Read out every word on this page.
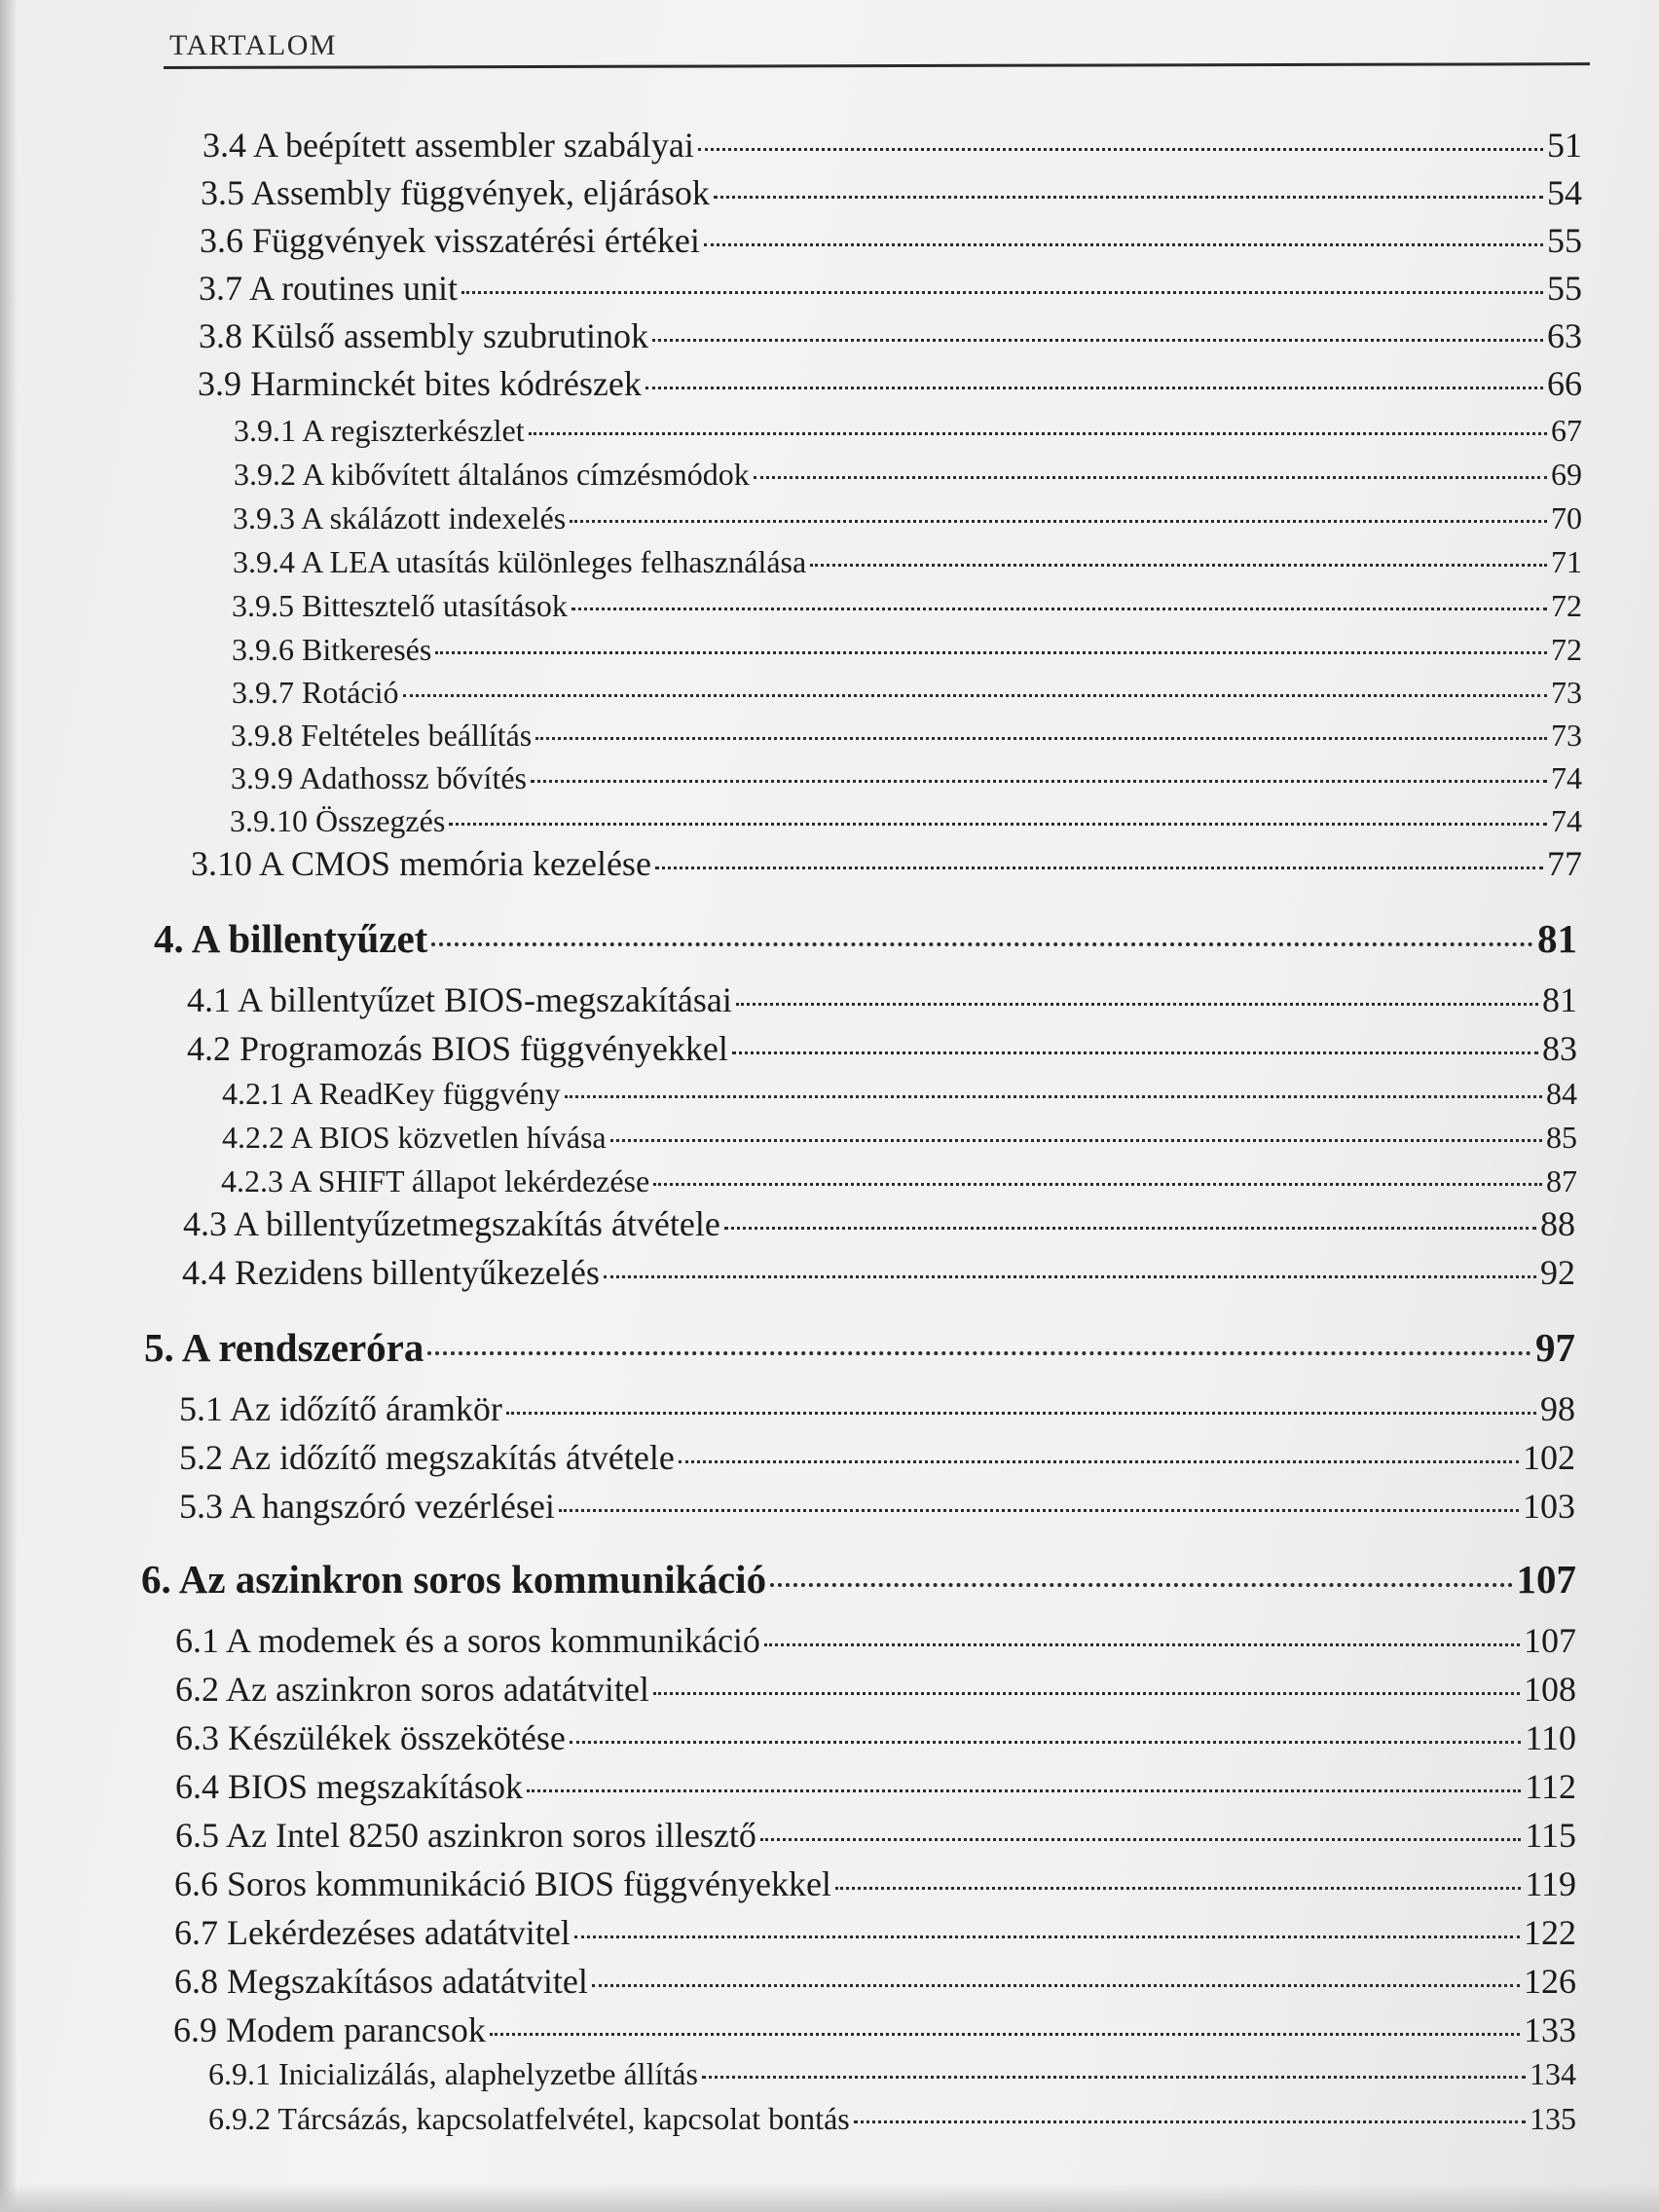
TARTALOM
3.4 A beépített assembler szabályai	51
3.5 Assembly függvények, eljárások	54
3.6 Függvények visszatérési értékei	55
3.7 A routines unit	55
3.8 Külső assembly szubrutinok	63
3.9 Harminckét bites kódrészek	66
3.9.1 A regiszterkészlet	67
3.9.2 A kibővített általános címzésmódok	69
3.9.3 A skálázott indexelés	70
3.9.4 A LEA utasítás különleges felhasználása	71
3.9.5 Bittesztelő utasítások	72
3.9.6 Bitkeresés	72
3.9.7 Rotáció	73
3.9.8 Feltételes beállítás	73
3.9.9 Adathossz bővítés	74
3.9.10 Összegzés	74
3.10 A CMOS memória kezelése	77
4. A billentyűzet	81
4.1 A billentyűzet BIOS-megszakításai	81
4.2 Programozás BIOS függvényekkel	83
4.2.1 A ReadKey függvény	84
4.2.2 A BIOS közvetlen hívása	85
4.2.3 A SHIFT állapot lekérdezése	87
4.3 A billentyűzetmegszakítás átvétele	88
4.4 Rezidens billentyűkezelés	92
5. A rendszeróra	97
5.1 Az időzítő áramkör	98
5.2 Az időzítő megszakítás átvétele	102
5.3 A hangszóró vezérlései	103
6. Az aszinkron soros kommunikáció	107
6.1 A modemek és a soros kommunikáció	107
6.2 Az aszinkron soros adatátvitel	108
6.3 Készülékek összekötése	110
6.4 BIOS megszakítások	112
6.5 Az Intel 8250 aszinkron soros illesztő	115
6.6 Soros kommunikáció BIOS függvényekkel	119
6.7 Lekérdezéses adatátvitel	122
6.8 Megszakításos adatátvitel	126
6.9 Modem parancsok	133
6.9.1 Inicializálás, alaphelyzetbe állítás	134
6.9.2 Tárcsázás, kapcsolatfelvétel, kapcsolat bontás	135
